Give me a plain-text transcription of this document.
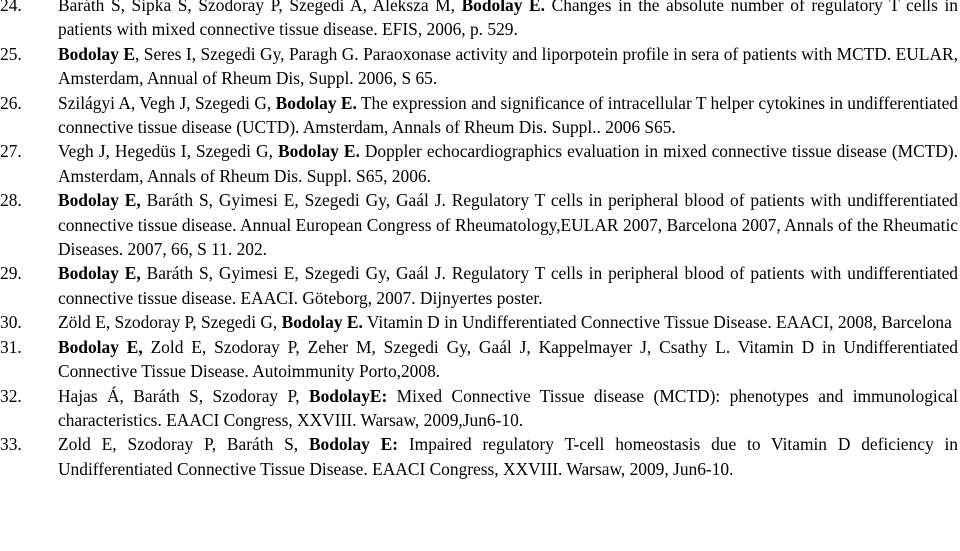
24. Baráth S, Sipka S, Szodoray P, Szegedi A, Aleksza M, Bodolay E. Changes in the absolute number of regulatory T cells in patients with mixed connective tissue disease. EFIS, 2006, p. 529.
25. Bodolay E, Seres I, Szegedi Gy, Paragh G. Paraoxonase activity and liporpotein profile in sera of patients with MCTD. EULAR, Amsterdam, Annual of Rheum Dis, Suppl. 2006, S 65.
26. Szilágyi A, Vegh J, Szegedi G, Bodolay E. The expression and significance of intracellular T helper cytokines in undifferentiated connective tissue disease (UCTD). Amsterdam, Annals of Rheum Dis. Suppl.. 2006 S65.
27. Vegh J, Hegedüs I, Szegedi G, Bodolay E. Doppler echocardiographics evaluation in mixed connective tissue disease (MCTD). Amsterdam, Annals of Rheum Dis. Suppl. S65, 2006.
28. Bodolay E, Baráth S, Gyimesi E, Szegedi Gy, Gaál J. Regulatory T cells in peripheral blood of patients with undifferentiated connective tissue disease. Annual European Congress of Rheumatology,EULAR 2007, Barcelona 2007, Annals of the Rheumatic Diseases. 2007, 66, S 11. 202.
29. Bodolay E, Baráth S, Gyimesi E, Szegedi Gy, Gaál J. Regulatory T cells in peripheral blood of patients with undifferentiated connective tissue disease. EAACI. Göteborg, 2007. Dijnyertes poster.
30. Zöld E, Szodoray P, Szegedi G, Bodolay E. Vitamin D in Undifferentiated Connective Tissue Disease. EAACI, 2008, Barcelona
31. Bodolay E, Zold E, Szodoray P, Zeher M, Szegedi Gy, Gaál J, Kappelmayer J, Csathy L. Vitamin D in Undifferentiated Connective Tissue Disease. Autoimmunity Porto,2008.
32. Hajas Á, Baráth S, Szodoray P, BodolayE: Mixed Connective Tissue disease (MCTD): phenotypes and immunological characteristics. EAACI Congress, XXVIII. Warsaw, 2009,Jun6-10.
33. Zold E, Szodoray P, Baráth S, Bodolay E: Impaired regulatory T-cell homeostasis due to Vitamin D deficiency in Undifferentiated Connective Tissue Disease. EAACI Congress, XXVIII. Warsaw, 2009, Jun6-10.
